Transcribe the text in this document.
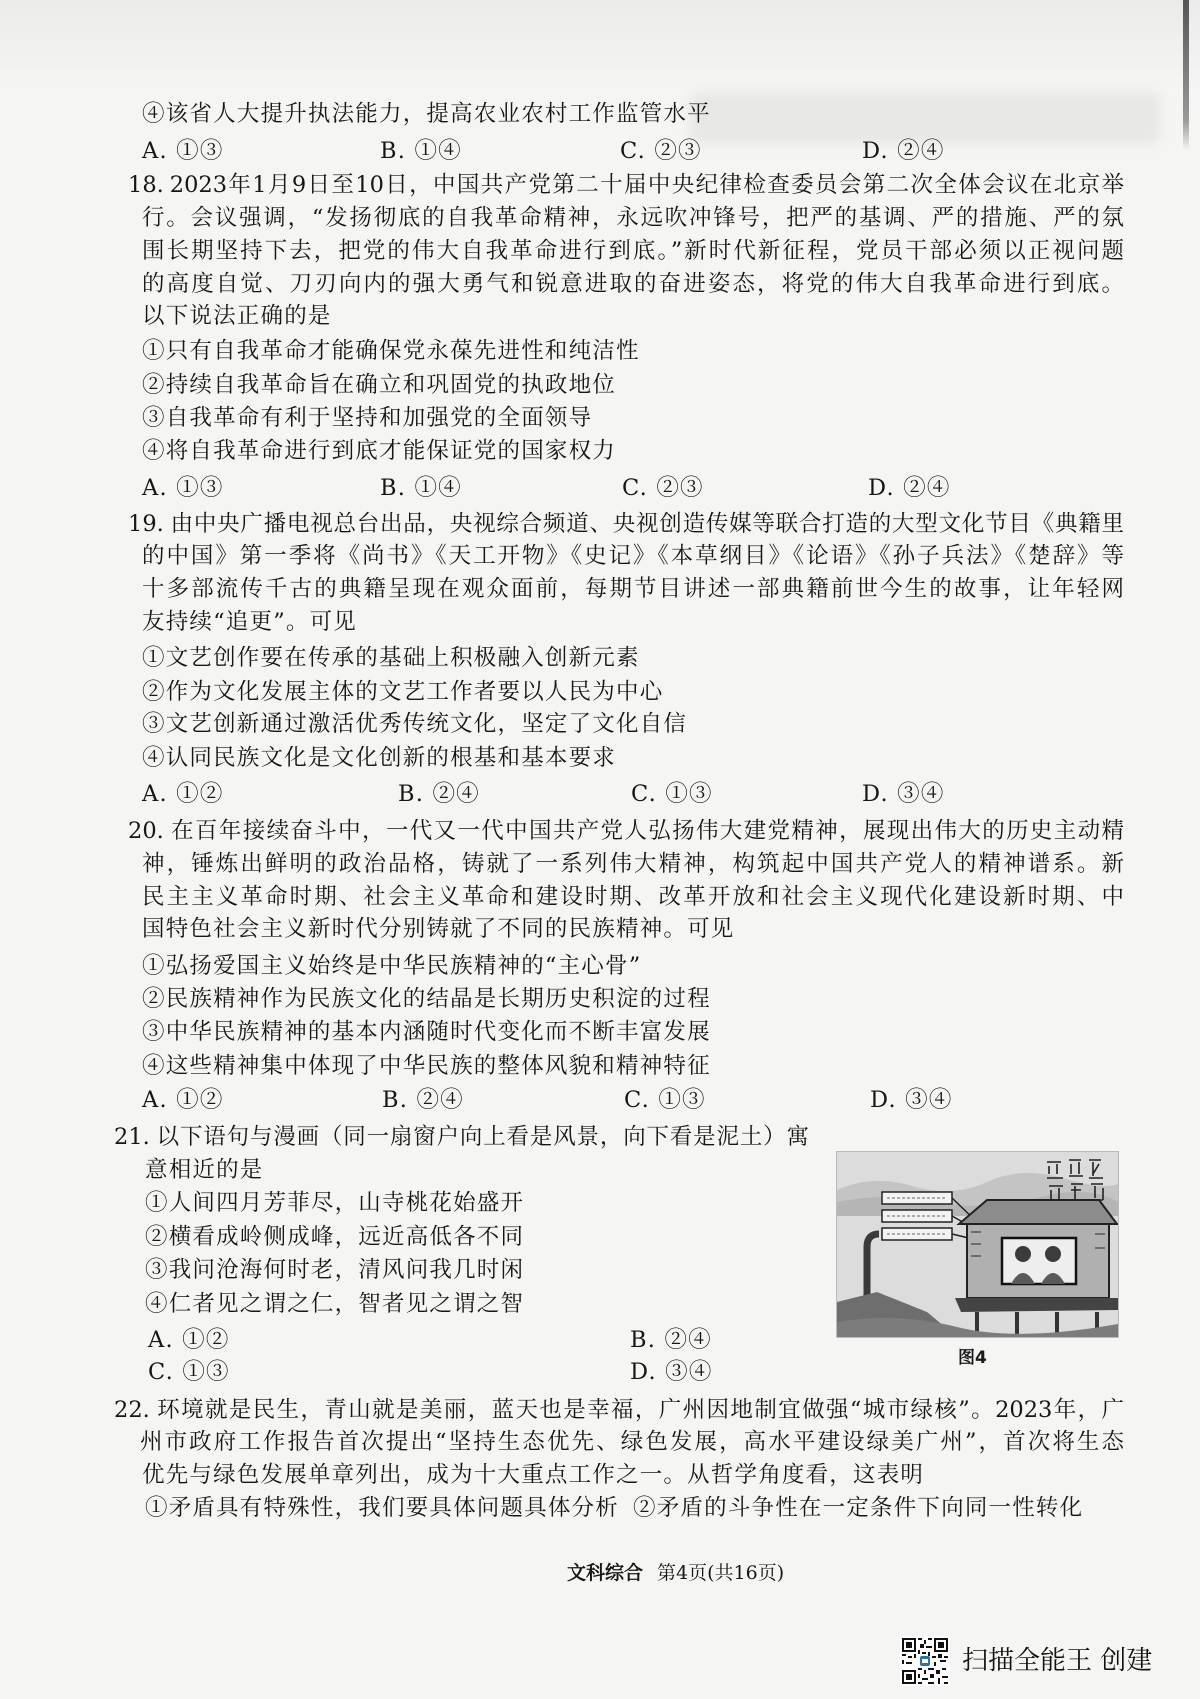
④该省人大提升执法能力，提高农业农村工作监管水平
A. ①③	B. ①④	C. ②③	D. ②④
18. 2023年1月9日至10日，中国共产党第二十届中央纪律检查委员会第二次全体会议在北京举
行。会议强调，“发扬彻底的自我革命精神，永远吹冲锋号，把严的基调、严的措施、严的氛
围长期坚持下去，把党的伟大自我革命进行到底。”新时代新征程，党员干部必须以正视问题
的高度自觉、刀刃向内的强大勇气和锐意进取的奋进姿态，将党的伟大自我革命进行到底。
以下说法正确的是
①只有自我革命才能确保党永葆先进性和纯洁性
②持续自我革命旨在确立和巩固党的执政地位
③自我革命有利于坚持和加强党的全面领导
④将自我革命进行到底才能保证党的国家权力
A. ①③	B. ①④	C. ②③	D. ②④
19. 由中央广播电视总台出品，央视综合频道、央视创造传媒等联合打造的大型文化节目《典籍里
的中国》第一季将《尚书》《天工开物》《史记》《本草纲目》《论语》《孙子兵法》《楚辞》等
十多部流传千古的典籍呈现在观众面前，每期节目讲述一部典籍前世今生的故事，让年轻网
友持续“追更”。可见
①文艺创作要在传承的基础上积极融入创新元素
②作为文化发展主体的文艺工作者要以人民为中心
③文艺创新通过激活优秀传统文化，坚定了文化自信
④认同民族文化是文化创新的根基和基本要求
A. ①②	B. ②④	C. ①③	D. ③④
20. 在百年接续奋斗中，一代又一代中国共产党人弘扬伟大建党精神，展现出伟大的历史主动精
神，锤炼出鲜明的政治品格，铸就了一系列伟大精神，构筑起中国共产党人的精神谱系。新
民主主义革命时期、社会主义革命和建设时期、改革开放和社会主义现代化建设新时期、中
国特色社会主义新时代分别铸就了不同的民族精神。可见
①弘扬爱国主义始终是中华民族精神的“主心骨”
②民族精神作为民族文化的结晶是长期历史积淀的过程
③中华民族精神的基本内涵随时代变化而不断丰富发展
④这些精神集中体现了中华民族的整体风貌和精神特征
A. ①②	B. ②④	C. ①③	D. ③④
21. 以下语句与漫画（同一扇窗户向上看是风景，向下看是泥土）寓
意相近的是
①人间四月芳菲尽，山寺桃花始盛开
②横看成岭侧成峰，远近高低各不同
③我问沧海何时老，清风问我几时闲
④仁者见之谓之仁，智者见之谓之智
A. ①②	B. ②④
C. ①③	D. ③④
图4
22. 环境就是民生，青山就是美丽，蓝天也是幸福，广州因地制宜做强“城市绿核”。2023年，广
州市政府工作报告首次提出“坚持生态优先、绿色发展，高水平建设绿美广州”，首次将生态
优先与绿色发展单章列出，成为十大重点工作之一。从哲学角度看，这表明
①矛盾具有特殊性，我们要具体问题具体分析 ②矛盾的斗争性在一定条件下向同一性转化
文科综合 第4页(共16页)
扫描全能王 创建
